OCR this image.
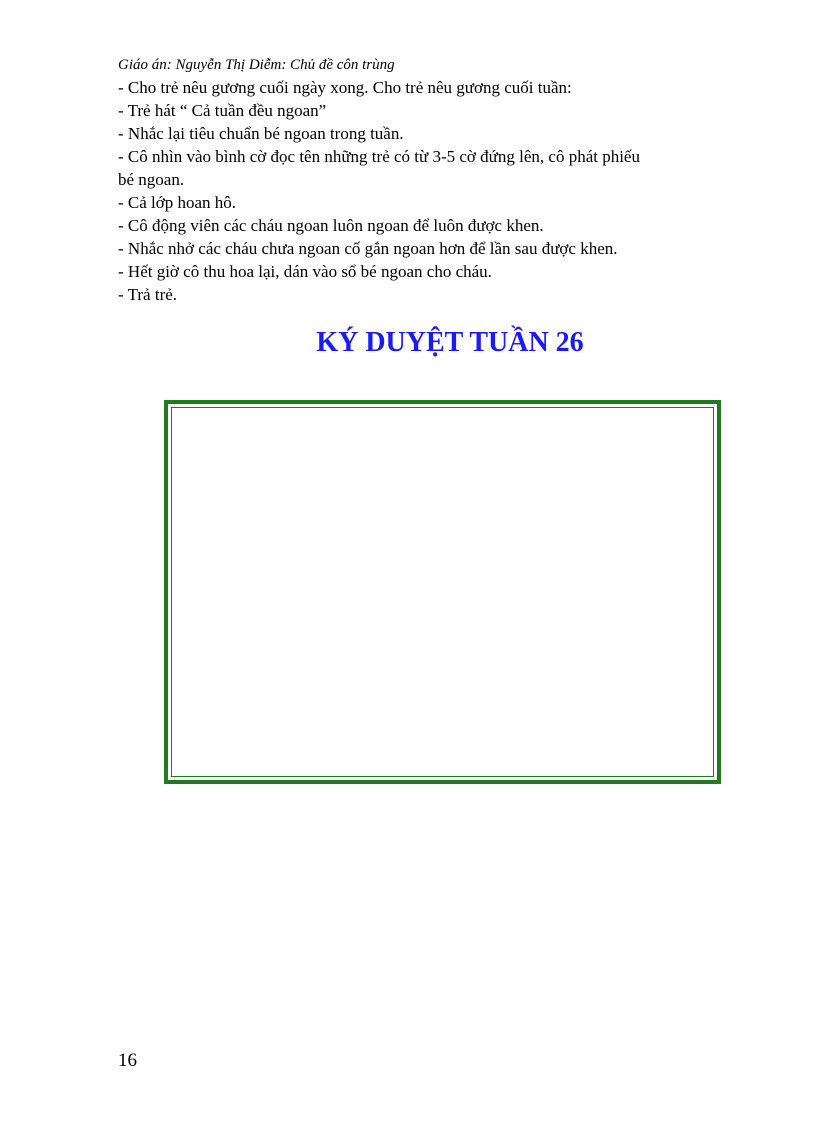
Giáo án: Nguyễn Thị Diễm: Chủ đề côn trùng
- Cho trẻ nêu gương cuối ngày xong. Cho trẻ nêu gương cuối tuần:
- Trẻ hát “ Cả tuần đều ngoan”
- Nhắc lại tiêu chuẩn bé ngoan trong tuần.
- Cô nhìn vào bình cờ đọc tên những trẻ có từ 3-5 cờ đứng lên, cô phát phiếu
bé ngoan.
- Cả lớp hoan hô.
- Cô động viên các cháu ngoan luôn ngoan để luôn được khen.
- Nhắc nhở các cháu chưa ngoan cố gắn ngoan hơn để lần sau được khen.
- Hết giờ cô thu hoa lại, dán vào sổ bé ngoan cho cháu.
- Trả trẻ.
KÝ DUYỆT TUẦN 26
16
